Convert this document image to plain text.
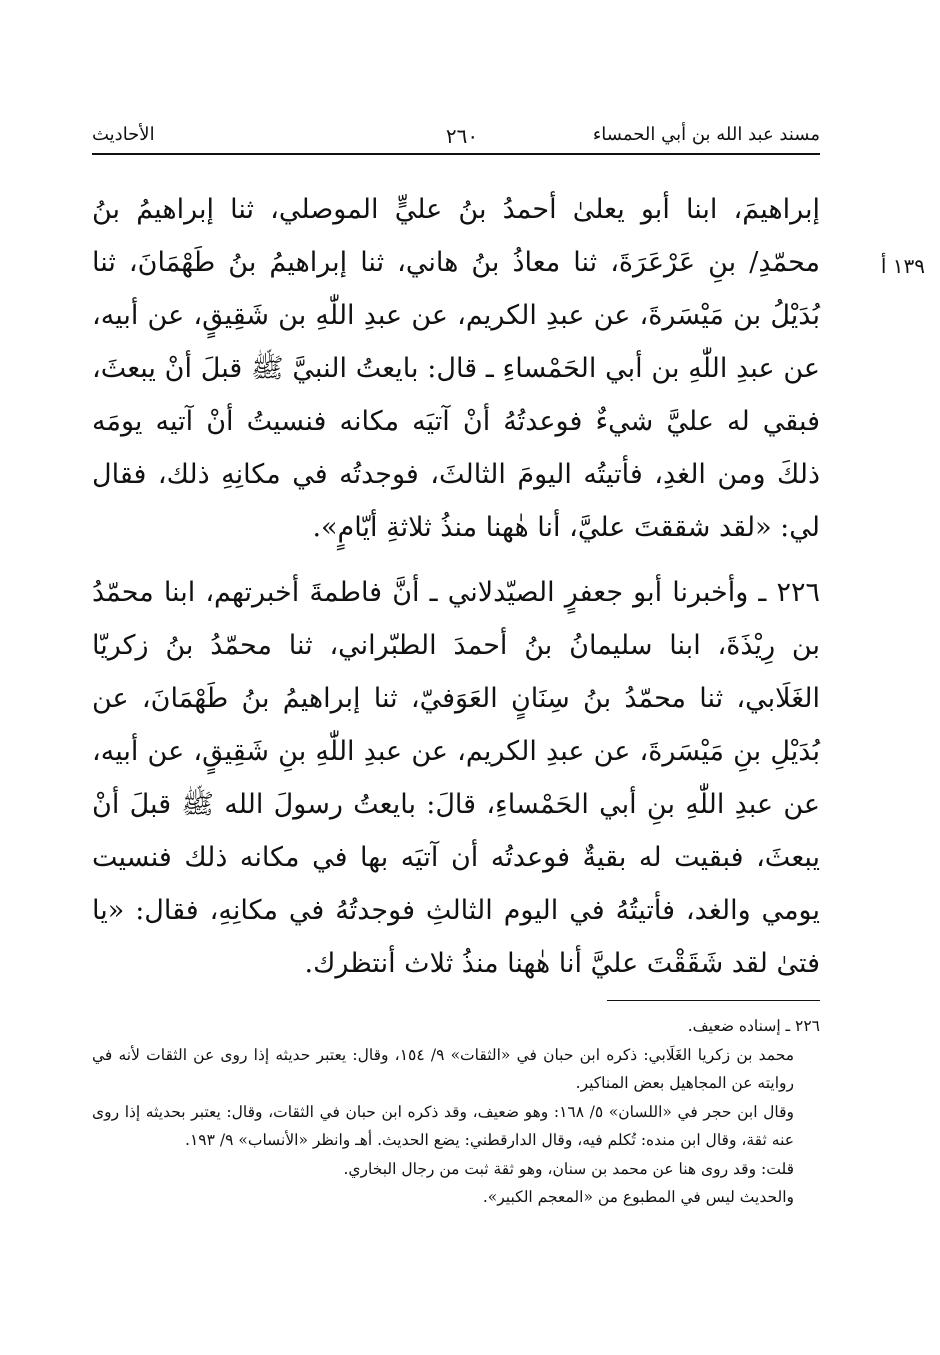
مسند عبد الله بن أبي الحمساء
٢٦٠
الأحاديث
١٣٩ أ

إبراهيمَ، ابنا أبو يعلىٰ أحمدُ بنُ عليٍّ الموصلي، ثنا إبراهيمُ بنُ محمّدِ/ بنِ عَرْعَرَةَ، ثنا معاذُ بنُ هاني، ثنا إبراهيمُ بنُ طَهْمَانَ، ثنا بُدَيْلُ بن مَيْسَرةَ، عن عبدِ الكريم، عن عبدِ اللّٰهِ بن شَقِيقٍ، عن أبيه، عن عبدِ اللّٰهِ بن أبي الحَمْساءِ ـ قال: بايعتُ النبيَّ ﷺ قبلَ أنْ يبعثَ، فبقي له عليَّ شيءٌ فوعدتُهُ أنْ آتيَه مكانه فنسيتُ أنْ آتيه يومَه ذلكَ ومن الغدِ، فأتيتُه اليومَ الثالثَ، فوجدتُه في مكانِهِ ذلك، فقال لي: «لقد شققتَ عليَّ، أنا هٰهنا منذُ ثلاثةِ أيّامٍ».

٢٢٦ ـ وأخبرنا أبو جعفرٍ الصيّدلاني ـ أنَّ فاطمةَ أخبرتهم، ابنا محمّدُ بن رِيْذَةَ، ابنا سليمانُ بنُ أحمدَ الطبّراني، ثنا محمّدُ بنُ زكريّا الغَلَابي، ثنا محمّدُ بنُ سِنَانٍ العَوَفيّ، ثنا إبراهيمُ بنُ طَهْمَانَ، عن بُدَيْلِ بنِ مَيْسَرةَ، عن عبدِ الكريم، عن عبدِ اللّٰهِ بنِ شَقِيقٍ، عن أبيه، عن عبدِ اللّٰهِ بنِ أبي الحَمْساءِ، قالَ: بايعتُ رسولَ الله ﷺ قبلَ أنْ يبعثَ، فبقيت له بقيةٌ فوعدتُه أن آتيَه بها في مكانه ذلك فنسيت يومي والغد، فأتيتُهُ في اليوم الثالثِ فوجدتُهُ في مكانِهِ، فقال: «يا فتىٰ لقد شَقَقْتَ عليَّ أنا هٰهنا منذُ ثلاث أنتظرك.

٢٢٦ ـ إسناده ضعيف.

محمد بن زكريا الغَلَابي: ذكره ابن حبان في «الثقات» ٩/ ١٥٤، وقال: يعتبر حديثه إذا روى عن الثقات لأنه في روايته عن المجاهيل بعض المناكير.

وقال ابن حجر في «اللسان» ٥/ ١٦٨: وهو ضعيف، وقد ذكره ابن حبان في الثقات، وقال: يعتبر بحديثه إذا روى عنه ثقة، وقال ابن منده: تُكلم فيه، وقال الدارقطني: يضع الحديث. أهـ وانظر «الأنساب» ٩/ ١٩٣.

قلت: وقد روى هنا عن محمد بن سنان، وهو ثقة ثبت من رجال البخاري.

والحديث ليس في المطبوع من «المعجم الكبير».
